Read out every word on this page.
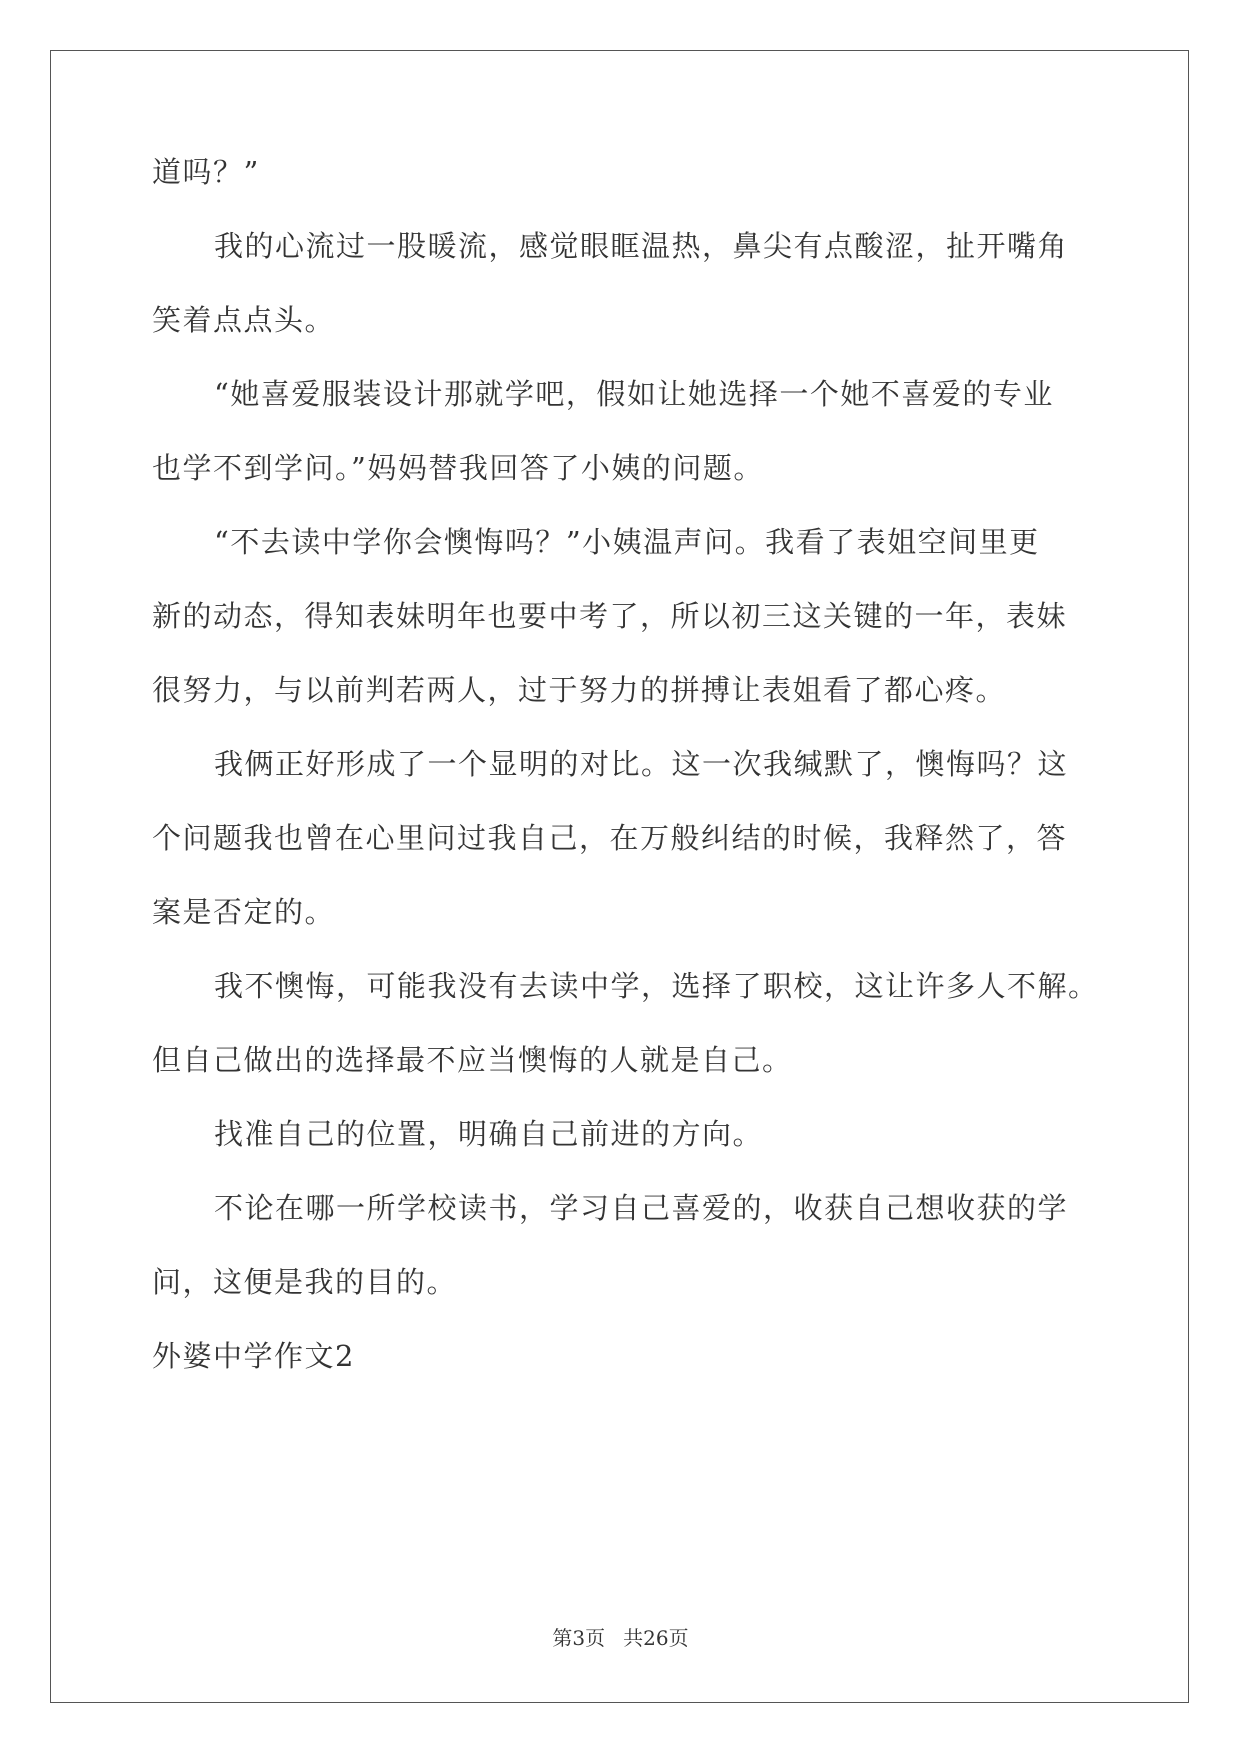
道吗？”
我的心流过一股暖流，感觉眼眶温热，鼻尖有点酸涩，扯开嘴角
笑着点点头。
“她喜爱服装设计那就学吧，假如让她选择一个她不喜爱的专业
也学不到学问。”妈妈替我回答了小姨的问题。
“不去读中学你会懊悔吗？”小姨温声问。我看了表姐空间里更
新的动态，得知表妹明年也要中考了，所以初三这关键的一年，表妹
很努力，与以前判若两人，过于努力的拼搏让表姐看了都心疼。
我俩正好形成了一个显明的对比。这一次我缄默了，懊悔吗？这
个问题我也曾在心里问过我自己，在万般纠结的时候，我释然了，答
案是否定的。
我不懊悔，可能我没有去读中学，选择了职校，这让许多人不解。
但自己做出的选择最不应当懊悔的人就是自己。
找准自己的位置，明确自己前进的方向。
不论在哪一所学校读书，学习自己喜爱的，收获自己想收获的学
问，这便是我的目的。
外婆中学作文2
第3页 共26页
